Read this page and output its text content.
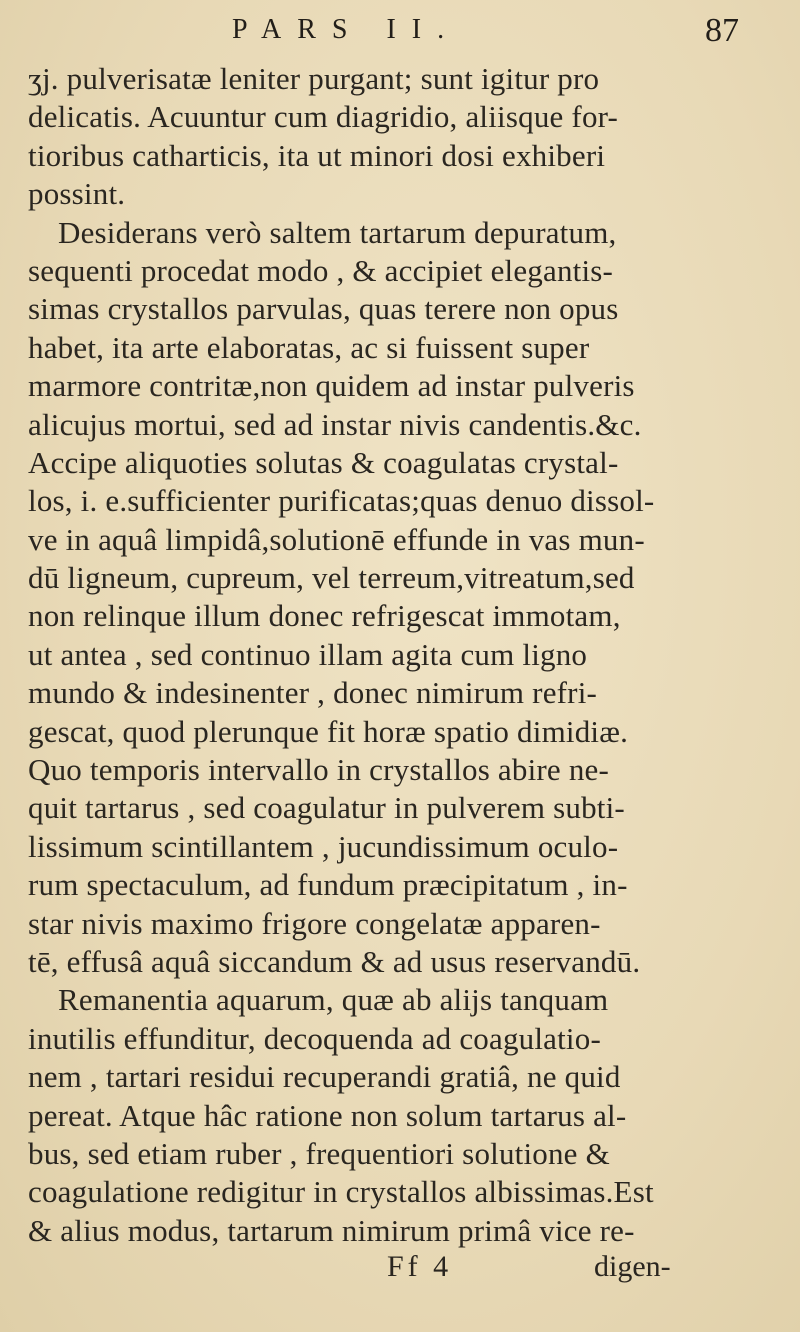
PARS II.	87
ʒj. pulverisatæ leniter purgant; sunt igitur pro
delicatis. Acuuntur cum diagridio, aliisque for-
tioribus catharticis, ita ut minori dosi exhiberi
possint.
Desiderans verò saltem tartarum depuratum,
sequenti procedat modo , & accipiet elegantis-
simas crystallos parvulas, quas terere non opus
habet, ita arte elaboratas, ac si fuissent super
marmore contritæ,non quidem ad instar pulveris
alicujus mortui, sed ad instar nivis candentis.&c.
Accipe aliquoties solutas & coagulatas crystal-
los, i. e.sufficienter purificatas;quas denuo dissol-
ve in aquâ limpidâ,solutionē effunde in vas mun-
dū ligneum, cupreum, vel terreum,vitreatum,sed
non relinque illum donec refrigescat immotam,
ut antea , sed continuo illam agita cum ligno
mundo & indesinenter , donec nimirum refri-
gescat, quod plerunque fit horæ spatio dimidiæ.
Quo temporis intervallo in crystallos abire ne-
quit tartarus , sed coagulatur in pulverem subti-
lissimum scintillantem , jucundissimum oculo-
rum spectaculum, ad fundum præcipitatum , in-
star nivis maximo frigore congelatæ apparen-
tē, effusâ aquâ siccandum & ad usus reservandū.
Remanentia aquarum, quæ ab alijs tanquam
inutilis effunditur, decoquenda ad coagulatio-
nem , tartari residui recuperandi gratiâ, ne quid
pereat. Atque hâc ratione non solum tartarus al-
bus, sed etiam ruber , frequentiori solutione &
coagulatione redigitur in crystallos albissimas.Est
& alius modus, tartarum nimirum primâ vice re-
Ff 4	digen-
